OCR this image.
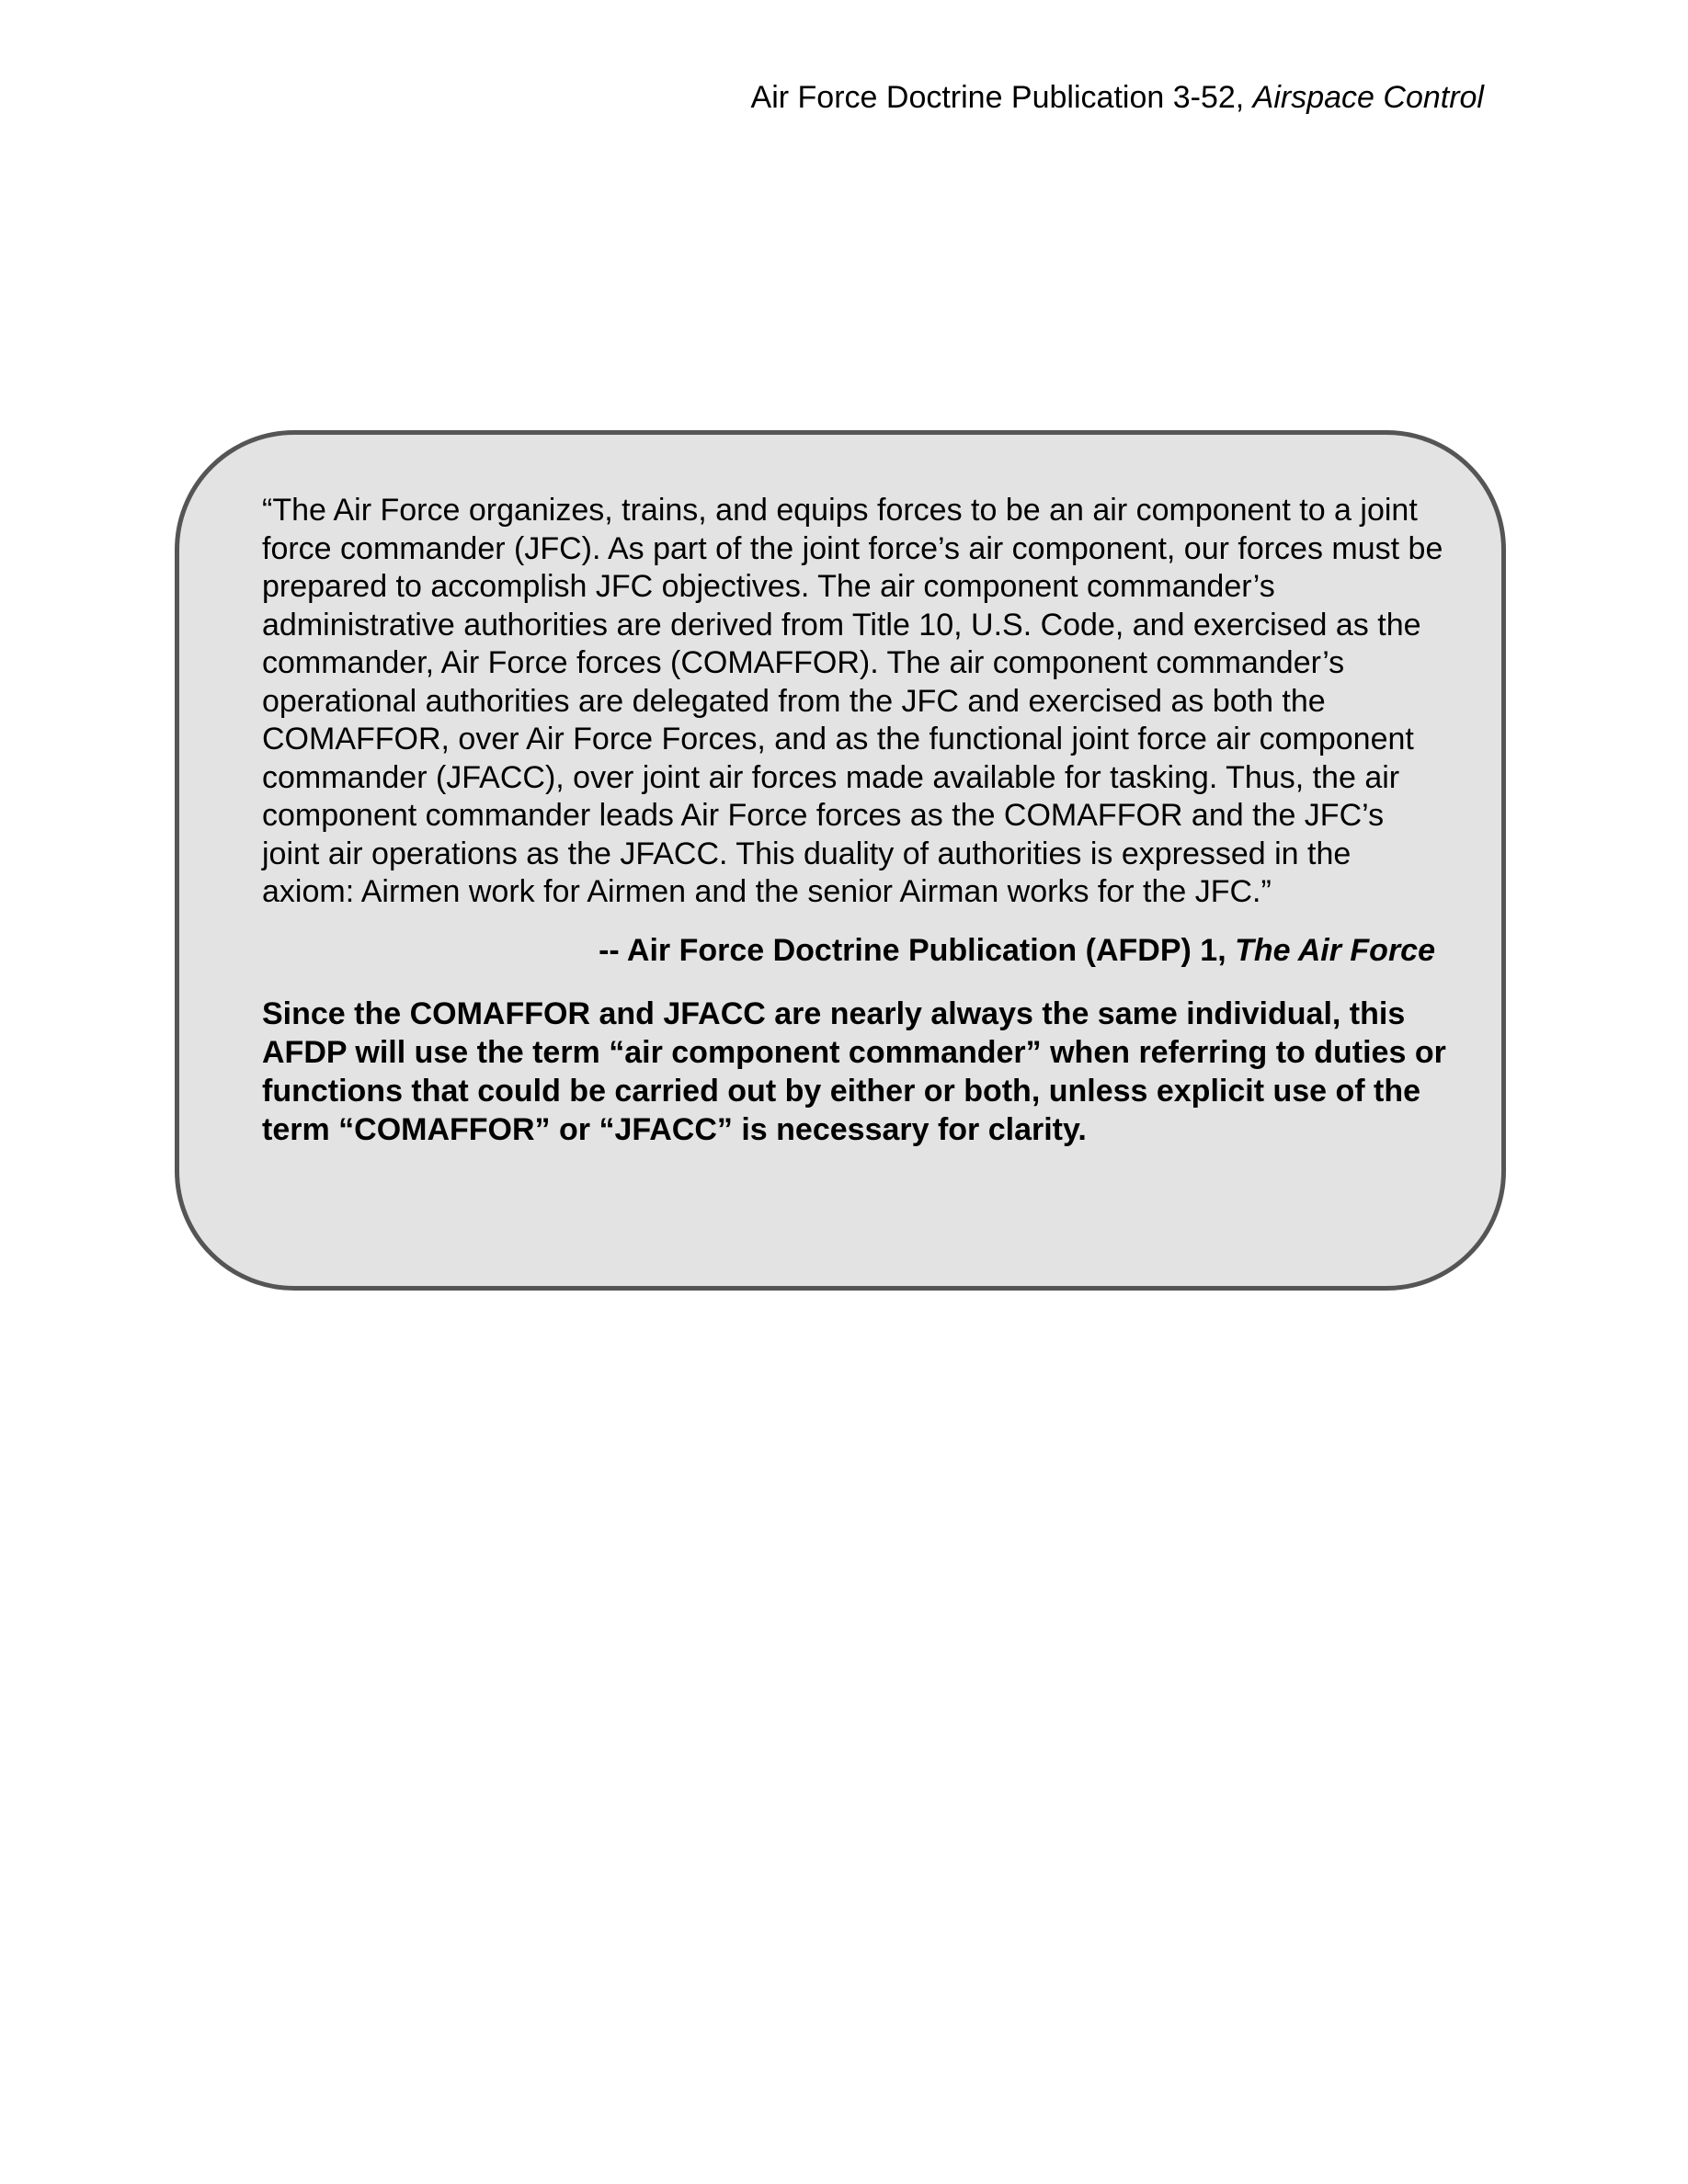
Air Force Doctrine Publication 3-52, Airspace Control

“The Air Force organizes, trains, and equips forces to be an air component to a joint force commander (JFC). As part of the joint force’s air component, our forces must be prepared to accomplish JFC objectives. The air component commander’s administrative authorities are derived from Title 10, U.S. Code, and exercised as the commander, Air Force forces (COMAFFOR). The air component commander’s operational authorities are delegated from the JFC and exercised as both the COMAFFOR, over Air Force Forces, and as the functional joint force air component commander (JFACC), over joint air forces made available for tasking. Thus, the air component commander leads Air Force forces as the COMAFFOR and the JFC’s joint air operations as the JFACC. This duality of authorities is expressed in the axiom: Airmen work for Airmen and the senior Airman works for the JFC.”

-- Air Force Doctrine Publication (AFDP) 1, The Air Force

Since the COMAFFOR and JFACC are nearly always the same individual, this AFDP will use the term “air component commander” when referring to duties or functions that could be carried out by either or both, unless explicit use of the term “COMAFFOR” or “JFACC” is necessary for clarity.
